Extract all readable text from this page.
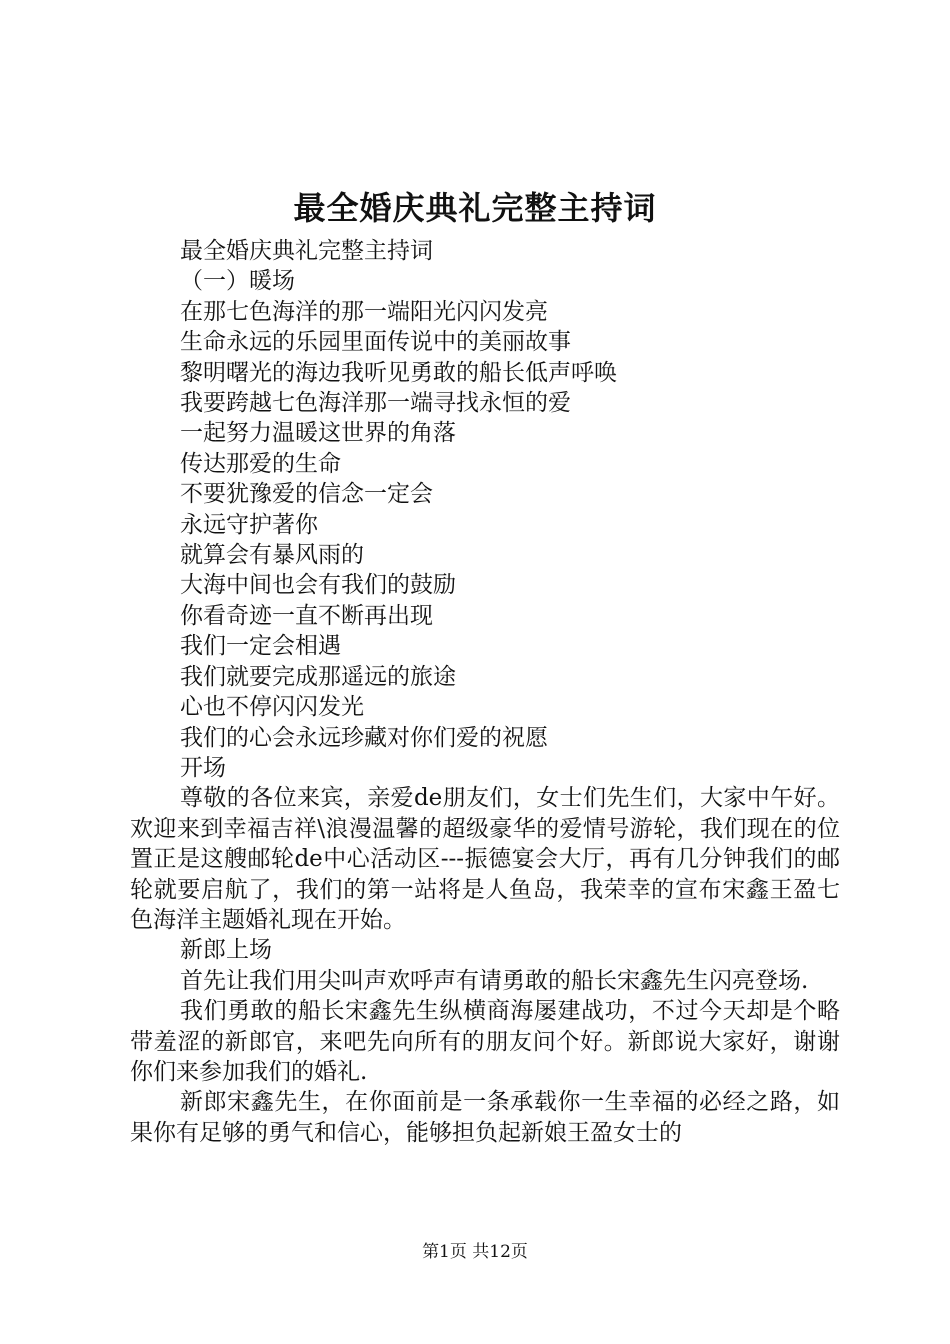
最全婚庆典礼完整主持词
最全婚庆典礼完整主持词
（一）暖场
在那七色海洋的那一端阳光闪闪发亮
生命永远的乐园里面传说中的美丽故事
黎明曙光的海边我听见勇敢的船长低声呼唤
我要跨越七色海洋那一端寻找永恒的爱
一起努力温暖这世界的角落
传达那爱的生命
不要犹豫爱的信念一定会
永远守护著你
就算会有暴风雨的
大海中间也会有我们的鼓励
你看奇迹一直不断再出现
我们一定会相遇
我们就要完成那遥远的旅途
心也不停闪闪发光
我们的心会永远珍藏对你们爱的祝愿
开场

尊敬的各位来宾，亲爱de朋友们，女士们先生们，大家中午好。欢迎来到幸福吉祥\浪漫温馨的超级豪华的爱情号游轮，我们现在的位置正是这艘邮轮de中心活动区---振德宴会大厅，再有几分钟我们的邮轮就要启航了，我们的第一站将是人鱼岛，我荣幸的宣布宋鑫王盈七色海洋主题婚礼现在开始。

新郎上场

首先让我们用尖叫声欢呼声有请勇敢的船长宋鑫先生闪亮登场.

我们勇敢的船长宋鑫先生纵横商海屡建战功，不过今天却是个略带羞涩的新郎官，来吧先向所有的朋友问个好。新郎说大家好，谢谢你们来参加我们的婚礼.

新郎宋鑫先生，在你面前是一条承载你一生幸福的必经之路，如果你有足够的勇气和信心，能够担负起新娘王盈女士的

第1页 共12页
